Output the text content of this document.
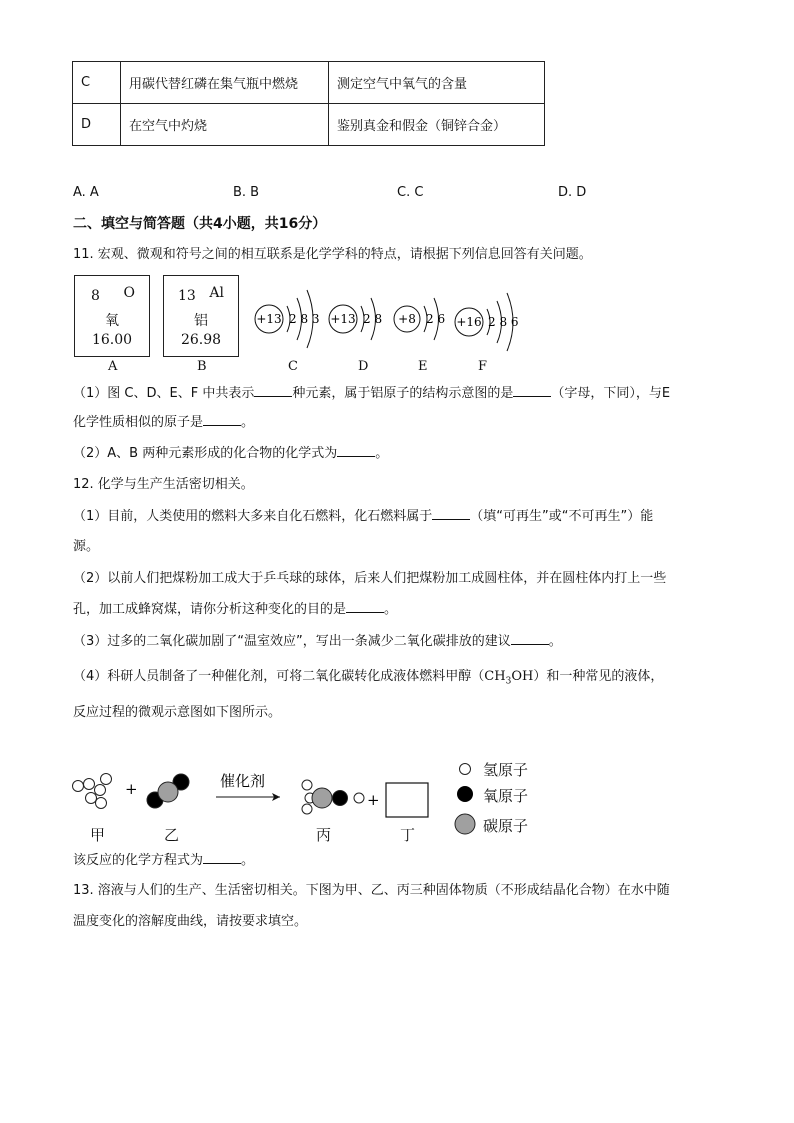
C	用碳代替红磷在集气瓶中燃烧	测定空气中氧气的含量
D	在空气中灼烧	鉴别真金和假金（铜锌合金）
A. A	B. B	C. C	D. D
二、填空与简答题（共4小题，共16分）
11. 宏观、微观和符号之间的相互联系是化学学科的特点，请根据下列信息回答有关问题。
8 O
氧
16.00
13 Al
铝
26.98
A	B
+13 2 8 3 +13 2 8 +8 2 6 +16 2 8 6
C	D	E	F
（1）图 C、D、E、F 中共表示	种元素，属于铝原子的结构示意图的是	（字母，下同），与E
化学性质相似的原子是	。
（2）A、B 两种元素形成的化合物的化学式为	。
12. 化学与生产生活密切相关。
（1）目前，人类使用的燃料大多来自化石燃料，化石燃料属于	（填“可再生”或“不可再生”）能
源。
（2）以前人们把煤粉加工成大于乒乓球的球体，后来人们把煤粉加工成圆柱体，并在圆柱体内打上一些
孔，加工成蜂窝煤，请你分析这种变化的目的是	。
（3）过多的二氧化碳加剧了“温室效应”，写出一条减少二氧化碳排放的建议	。
（4）科研人员制备了一种催化剂，可将二氧化碳转化成液体燃料甲醇$(CH_3OH)$和一种常见的液体，
反应过程的微观示意图如下图所示。
+	催化剂
+
甲	乙	丙	丁
氢原子
氧原子
碳原子
该反应的化学方程式为	。
13. 溶液与人们的生产、生活密切相关。下图为甲、乙、丙三种固体物质（不形成结晶化合物）在水中随
温度变化的溶解度曲线，请按要求填空。
